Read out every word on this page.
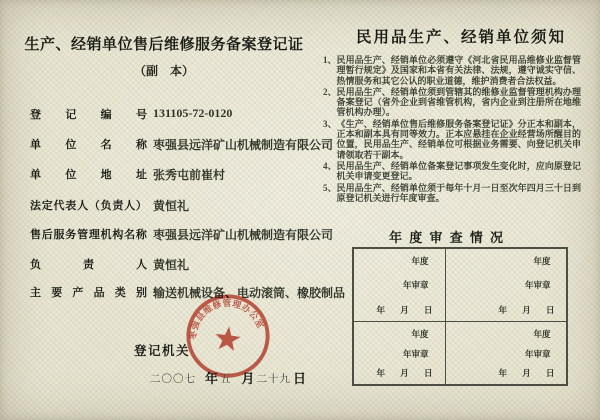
生产、经销单位售后维修服务备案登记证
（副　本）
登 记 编 号 131105-72-0120
单 位 名 称 枣强县远洋矿山机械制造有限公司
单 位 地 址 张秀屯前崔村
法 定 代 表 人 （ 负 责 人 ） 黄恒礼
售 后 服 务 管 理 机 构 名 称 枣强县远洋矿山机械制造有限公司
负	责	人 黄恒礼
主 要 产 品 类 别 输送机械设备、电动滚筒、橡胶制品
登记机关
枣强县维修管理办公室
二〇〇七 年 五 月 二十九 日
民用品生产、经销单位须知
1、 民用品生产、经销单位必须遵守《河北省民用品维修业监督管理暂行规定》及国家和本省有关法律、法规，遵守诚实守信、热情服务和其它公认的职业道德，维护消费者合法权益。
2、 民用品生产、经销单位须到管辖其的维修业监督管理机构办理备案登记（省外企业到省维管机构，省内企业到注册所在地维管机构办理）。
3、 《生产、经销单位售后维修服务备案登记证》分正本和副本，正本和副本具有同等效力。正本应悬挂在企业经营场所醒目的位置，民用品生产、经销单位可根据业务需要、向登记机关申请领取若干副本。
4、 民用品生产、经销单位备案登记事项发生变化时，应向原登记机关申请变更登记。
5、 民用品生产、经销单位须于每年十月一日至次年四月三十日到原登记机关进行年度审查。
年 度 审 查 情 况
年度
年审章
年 月 日
年度
年审章
年 月 日
年度
年审章
年 月 日
年度
年审章
年 月 日
